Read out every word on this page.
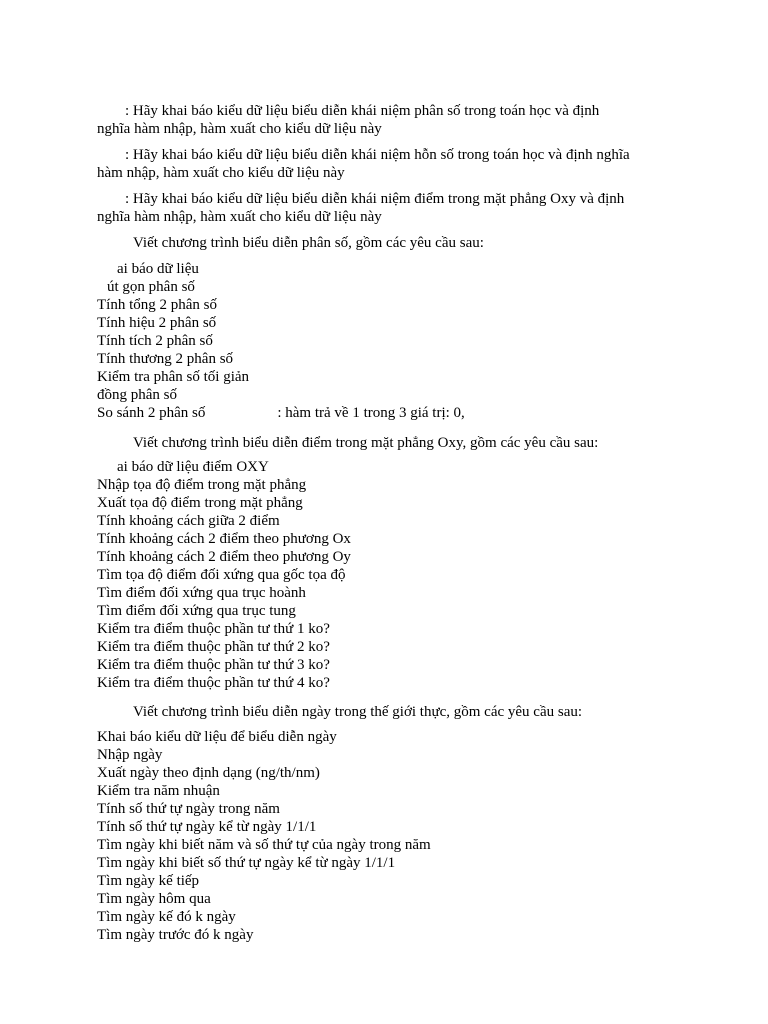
: Hãy khai báo kiểu dữ liệu biểu diễn khái niệm phân số trong toán học và định
nghĩa hàm nhập, hàm xuất cho kiểu dữ liệu này

: Hãy khai báo kiểu dữ liệu biểu diễn khái niệm hỗn số trong toán học và định nghĩa
hàm nhập, hàm xuất cho kiểu dữ liệu này

: Hãy khai báo kiểu dữ liệu biểu diễn khái niệm điểm trong mặt phẳng Oxy và định
nghĩa hàm nhập, hàm xuất cho kiểu dữ liệu này

Viết chương trình biểu diễn phân số, gồm các yêu cầu sau:
ai báo dữ liệu
út gọn phân số
Tính tổng 2 phân số
Tính hiệu 2 phân số
Tính tích 2 phân số
Tính thương 2 phân số
Kiểm tra phân số tối giản
đồng phân số
So sánh 2 phân số	: hàm trả về 1 trong 3 giá trị: 0,
Viết chương trình biểu diễn điểm trong mặt phẳng Oxy, gồm các yêu cầu sau:
ai báo dữ liệu điểm OXY
Nhập tọa độ điểm trong mặt phẳng
Xuất tọa độ điểm trong mặt phẳng
Tính khoảng cách giữa 2 điểm
Tính khoảng cách 2 điểm theo phương Ox
Tính khoảng cách 2 điểm theo phương Oy
Tìm tọa độ điểm đối xứng qua gốc tọa độ
Tìm điểm đối xứng qua trục hoành
Tìm điểm đối xứng qua trục tung
Kiểm tra điểm thuộc phần tư thứ 1 ko?
Kiểm tra điểm thuộc phần tư thứ 2 ko?
Kiểm tra điểm thuộc phần tư thứ 3 ko?
Kiểm tra điểm thuộc phần tư thứ 4 ko?
Viết chương trình biểu diễn ngày trong thế giới thực, gồm các yêu cầu sau:
Khai báo kiểu dữ liệu để biểu diễn ngày
Nhập ngày
Xuất ngày theo định dạng (ng/th/nm)
Kiểm tra năm nhuận
Tính số thứ tự ngày trong năm
Tính số thứ tự ngày kể từ ngày 1/1/1
Tìm ngày khi biết năm và số thứ tự của ngày trong năm
Tìm ngày khi biết số thứ tự ngày kể từ ngày 1/1/1
Tìm ngày kế tiếp
Tìm ngày hôm qua
Tìm ngày kế đó k ngày
Tìm ngày trước đó k ngày
